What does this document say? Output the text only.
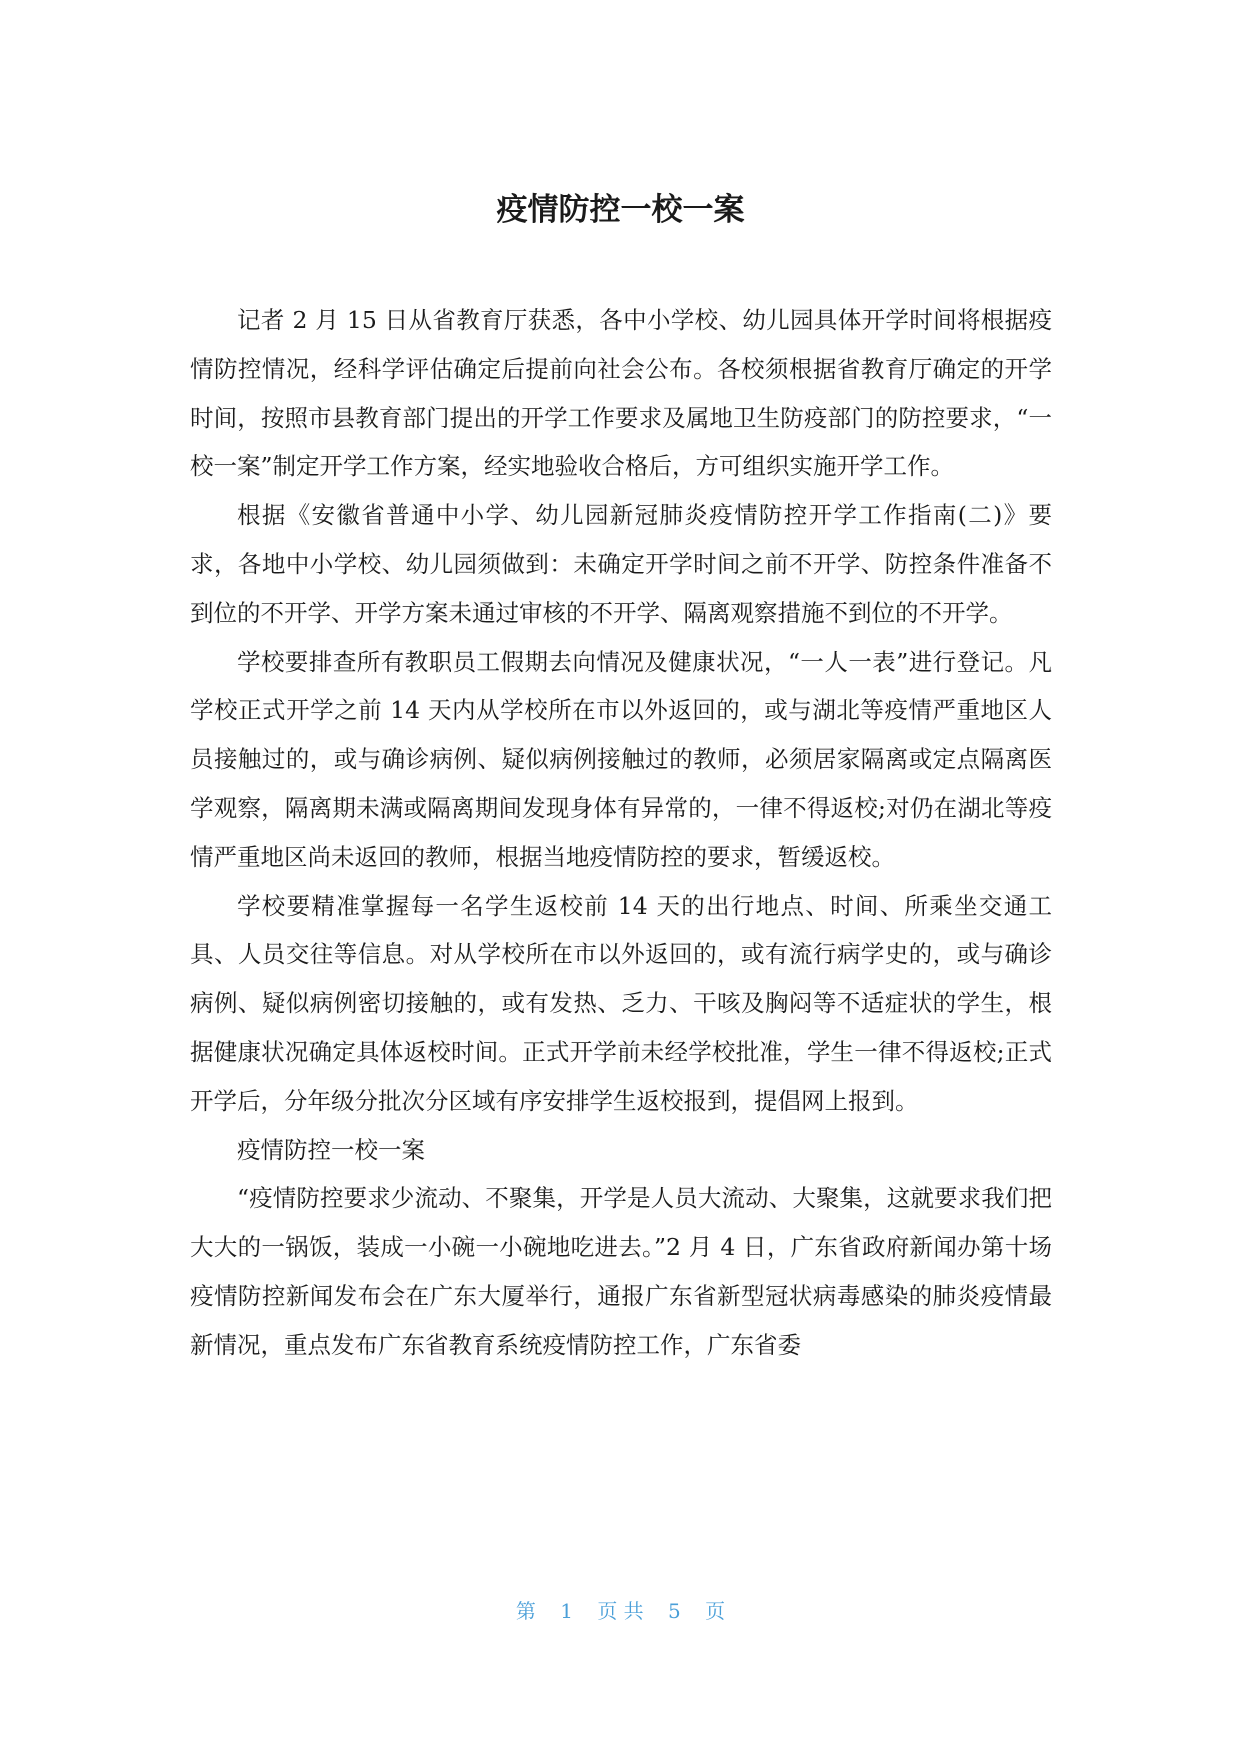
疫情防控一校一案

记者 2 月 15 日从省教育厅获悉，各中小学校、幼儿园具体开学时间将根据疫情防控情况，经科学评估确定后提前向社会公布。各校须根据省教育厅确定的开学时间，按照市县教育部门提出的开学工作要求及属地卫生防疫部门的防控要求，“一校一案”制定开学工作方案，经实地验收合格后，方可组织实施开学工作。

根据《安徽省普通中小学、幼儿园新冠肺炎疫情防控开学工作指南(二)》要求，各地中小学校、幼儿园须做到：未确定开学时间之前不开学、防控条件准备不到位的不开学、开学方案未通过审核的不开学、隔离观察措施不到位的不开学。

学校要排查所有教职员工假期去向情况及健康状况，“一人一表”进行登记。凡学校正式开学之前 14 天内从学校所在市以外返回的，或与湖北等疫情严重地区人员接触过的，或与确诊病例、疑似病例接触过的教师，必须居家隔离或定点隔离医学观察，隔离期未满或隔离期间发现身体有异常的，一律不得返校;对仍在湖北等疫情严重地区尚未返回的教师，根据当地疫情防控的要求，暂缓返校。

学校要精准掌握每一名学生返校前 14 天的出行地点、时间、所乘坐交通工具、人员交往等信息。对从学校所在市以外返回的，或有流行病学史的，或与确诊病例、疑似病例密切接触的，或有发热、乏力、干咳及胸闷等不适症状的学生，根据健康状况确定具体返校时间。正式开学前未经学校批准，学生一律不得返校;正式开学后，分年级分批次分区域有序安排学生返校报到，提倡网上报到。

疫情防控一校一案

“疫情防控要求少流动、不聚集，开学是人员大流动、大聚集，这就要求我们把大大的一锅饭，装成一小碗一小碗地吃进去。”2 月 4 日，广东省政府新闻办第十场疫情防控新闻发布会在广东大厦举行，通报广东省新型冠状病毒感染的肺炎疫情最新情况，重点发布广东省教育系统疫情防控工作，广东省委

第 1 页 共 5 页
